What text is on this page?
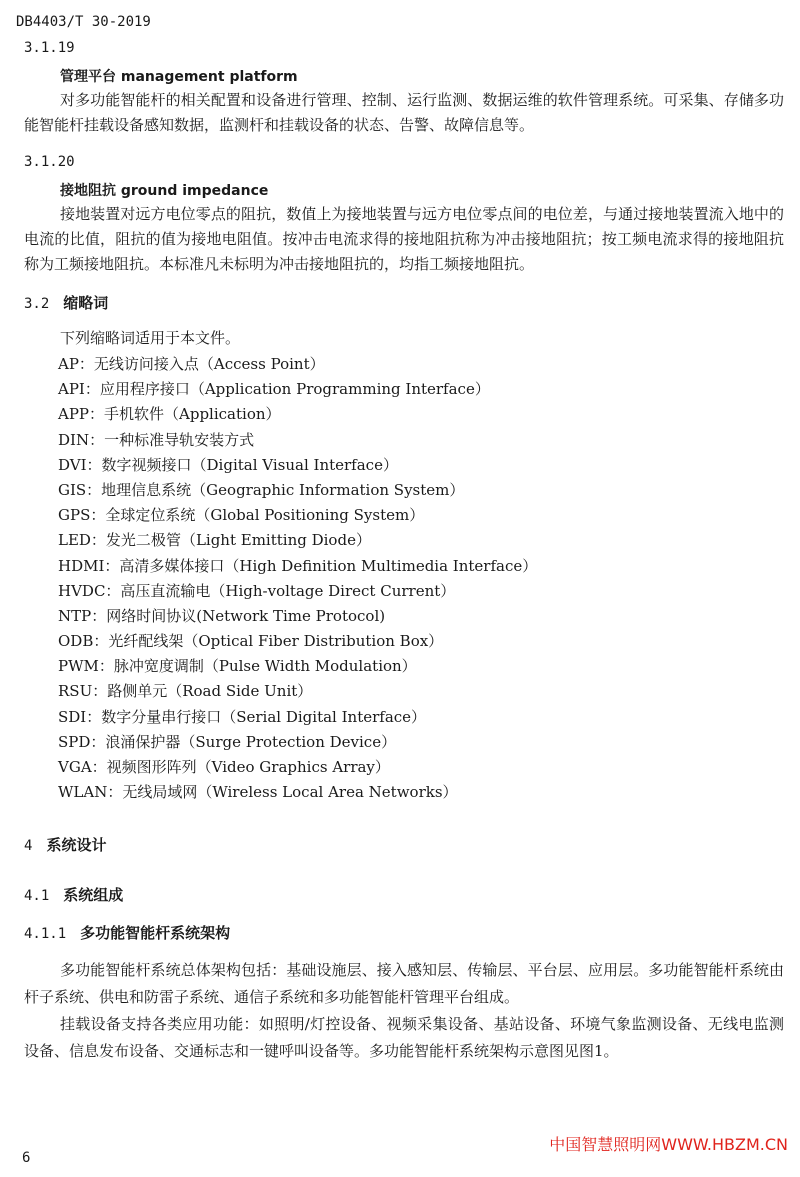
DB4403/T 30-2019
3.1.19
管理平台 management platform

对多功能智能杆的相关配置和设备进行管理、控制、运行监测、数据运维的软件管理系统。可采集、存储多功能智能杆挂载设备感知数据，监测杆和挂载设备的状态、告警、故障信息等。

3.1.20
接地阻抗 ground impedance

接地装置对远方电位零点的阻抗，数值上为接地装置与远方电位零点间的电位差，与通过接地装置流入地中的电流的比值，阻抗的值为接地电阻值。按冲击电流求得的接地阻抗称为冲击接地阻抗；按工频电流求得的接地阻抗称为工频接地阻抗。本标准凡未标明为冲击接地阻抗的，均指工频接地阻抗。

3.2 缩略词
下列缩略词适用于本文件。
AP：无线访问接入点（Access Point）
API：应用程序接口（Application Programming Interface）
APP：手机软件（Application）
DIN：一种标准导轨安装方式
DVI：数字视频接口（Digital Visual Interface）
GIS：地理信息系统（Geographic Information System）
GPS：全球定位系统（Global Positioning System）
LED：发光二极管（Light Emitting Diode）
HDMI：高清多媒体接口（High Definition Multimedia Interface）
HVDC：高压直流输电（High-voltage Direct Current）
NTP：网络时间协议(Network Time Protocol)
ODB：光纤配线架（Optical Fiber Distribution Box）
PWM：脉冲宽度调制（Pulse Width Modulation）
RSU：路侧单元（Road Side Unit）
SDI：数字分量串行接口（Serial Digital Interface）
SPD：浪涌保护器（Surge Protection Device）
VGA：视频图形阵列（Video Graphics Array）
WLAN：无线局域网（Wireless Local Area Networks）
4 系统设计
4.1 系统组成
4.1.1 多功能智能杆系统架构

多功能智能杆系统总体架构包括：基础设施层、接入感知层、传输层、平台层、应用层。多功能智能杆系统由杆子系统、供电和防雷子系统、通信子系统和多功能智能杆管理平台组成。

挂载设备支持各类应用功能：如照明/灯控设备、视频采集设备、基站设备、环境气象监测设备、无线电监测设备、信息发布设备、交通标志和一键呼叫设备等。多功能智能杆系统架构示意图见图1。

6
中国智慧照明网WWW.HBZM.CN
